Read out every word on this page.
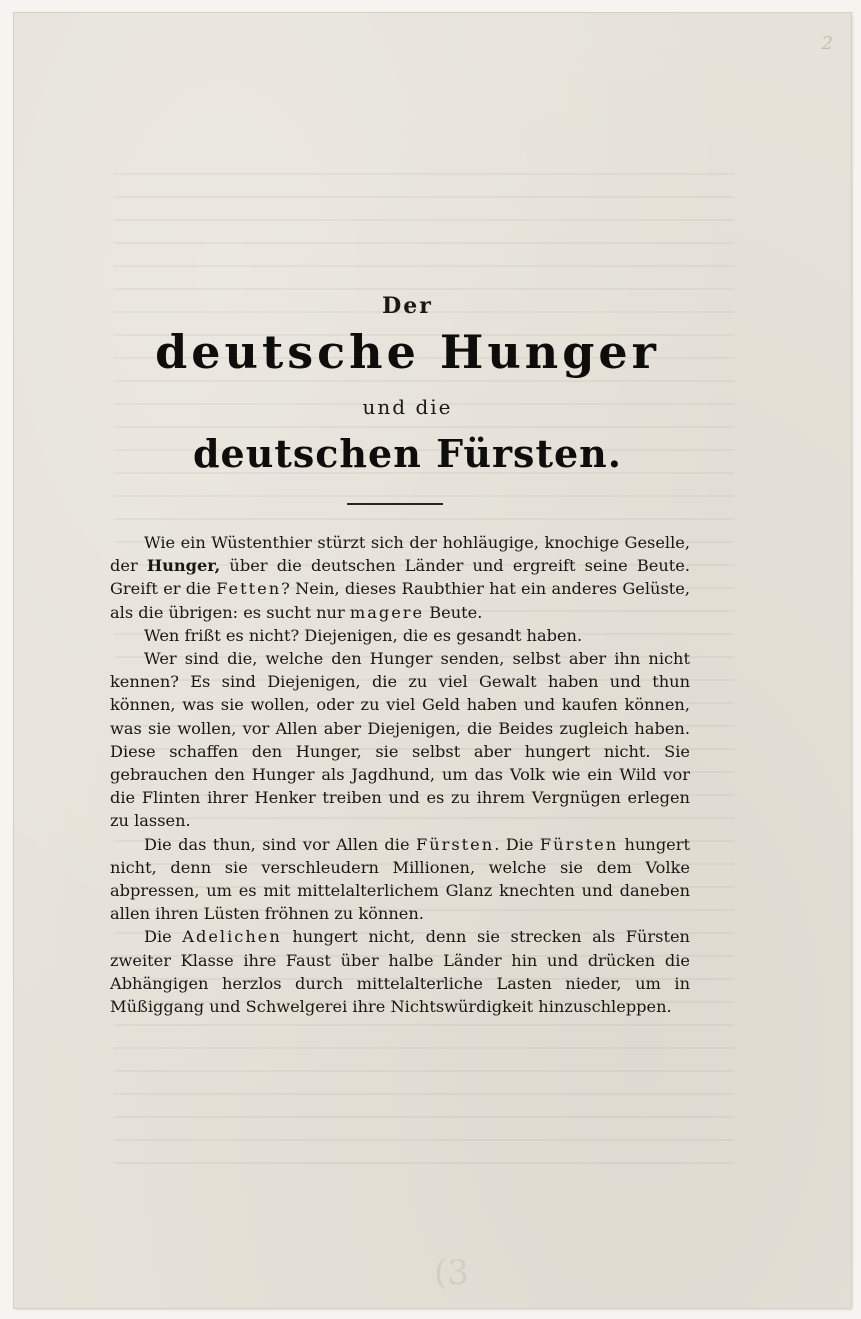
2
Der
deutsche Hunger
und die
deutschen Fürsten.

Wie ein Wüstenthier stürzt sich der hohläugige, knochige Geselle, der Hunger, über die deutschen Länder und ergreift seine Beute. Greift er die Fetten? Nein, dieses Raubthier hat ein anderes Gelüste, als die übrigen: es sucht nur magere Beute.

Wen frißt es nicht? Diejenigen, die es gesandt haben.

Wer sind die, welche den Hunger senden, selbst aber ihn nicht kennen? Es sind Diejenigen, die zu viel Gewalt haben und thun können, was sie wollen, oder zu viel Geld haben und kaufen können, was sie wollen, vor Allen aber Diejenigen, die Beides zugleich haben. Diese schaffen den Hunger, sie selbst aber hungert nicht. Sie gebrauchen den Hunger als Jagdhund, um das Volk wie ein Wild vor die Flinten ihrer Henker treiben und es zu ihrem Vergnügen erlegen zu lassen.

Die das thun, sind vor Allen die Fürsten. Die Fürsten hungert nicht, denn sie verschleudern Millionen, welche sie dem Volke abpressen, um es mit mittelalterlichem Glanz knechten und daneben allen ihren Lüsten fröhnen zu können.

Die Adelichen hungert nicht, denn sie strecken als Fürsten zweiter Klasse ihre Faust über halbe Länder hin und drücken die Abhängigen herzlos durch mittelalterliche Lasten nieder, um in Müßiggang und Schwelgerei ihre Nichtswürdigkeit hinzuschleppen.

(3
